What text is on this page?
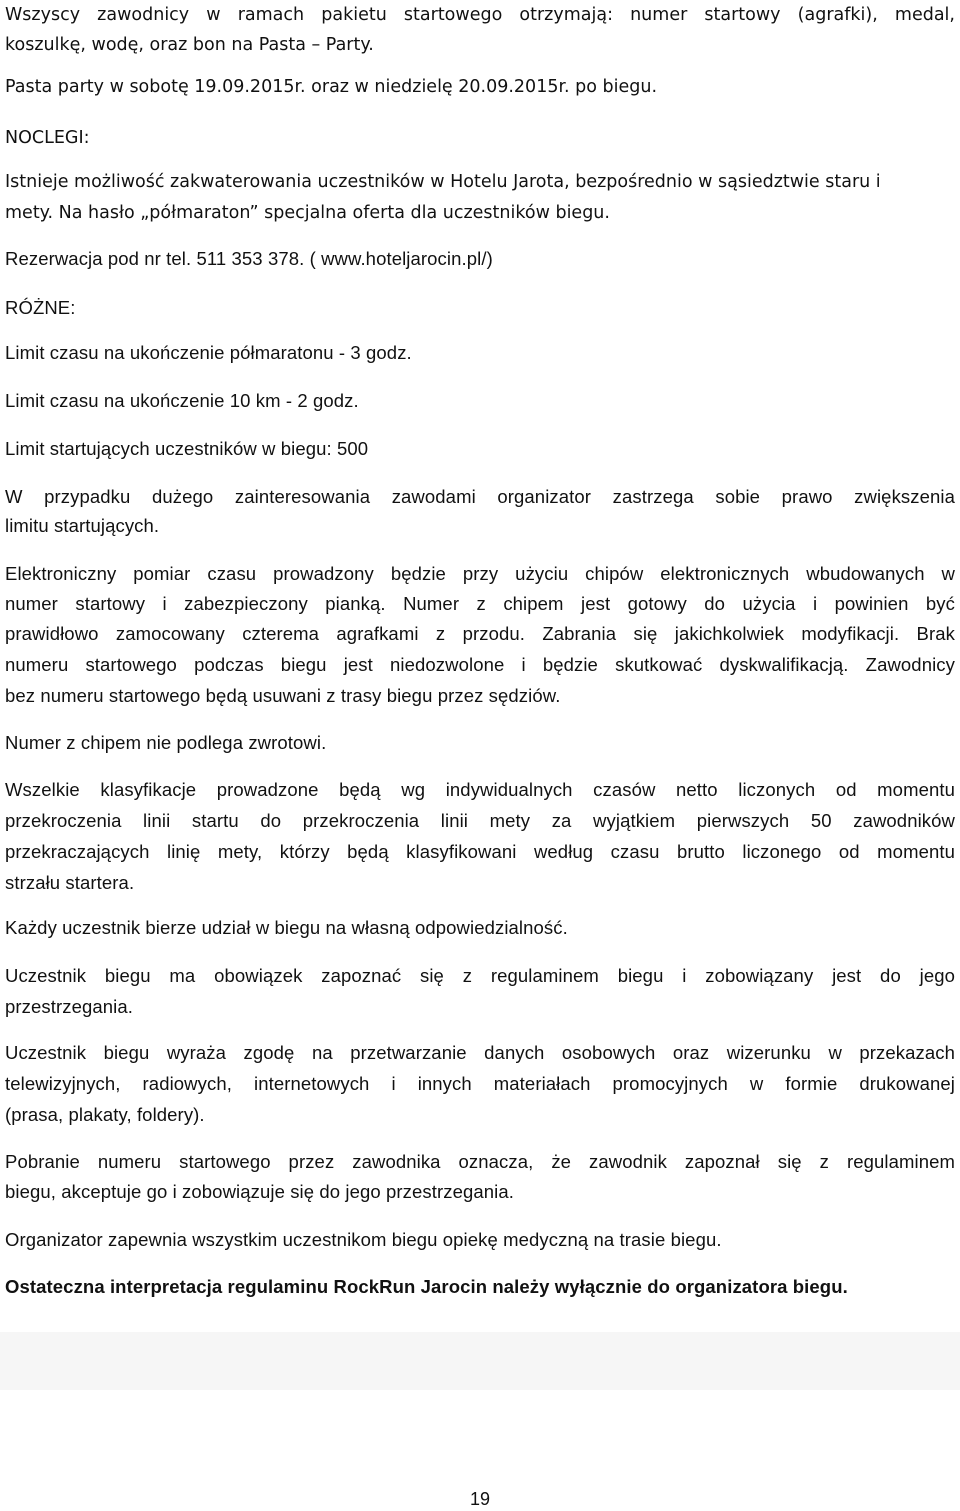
Wszyscy zawodnicy w ramach pakietu startowego otrzymają: numer startowy (agrafki), medal,
koszulkę, wodę, oraz bon na Pasta – Party.
Pasta party w sobotę 19.09.2015r. oraz w niedzielę 20.09.2015r. po biegu.
NOCLEGI:
Istnieje możliwość zakwaterowania uczestników w Hotelu Jarota, bezpośrednio w sąsiedztwie staru i
mety. Na hasło „półmaraton” specjalna oferta dla uczestników biegu.
Rezerwacja pod nr tel. 511 353 378. ( www.hoteljarocin.pl/)
RÓŻNE:
Limit czasu na ukończenie półmaratonu - 3 godz.
Limit czasu na ukończenie 10 km - 2 godz.
Limit startujących uczestników w biegu: 500
W przypadku dużego zainteresowania zawodami organizator zastrzega sobie prawo zwiększenia
limitu startujących.
Elektroniczny pomiar czasu prowadzony będzie przy użyciu chipów elektronicznych wbudowanych w
numer startowy i zabezpieczony pianką. Numer z chipem jest gotowy do użycia i powinien być
prawidłowo zamocowany czterema agrafkami z przodu. Zabrania się jakichkolwiek modyfikacji. Brak
numeru startowego podczas biegu jest niedozwolone i będzie skutkować dyskwalifikacją. Zawodnicy
bez numeru startowego będą usuwani z trasy biegu przez sędziów.
Numer z chipem nie podlega zwrotowi.
Wszelkie klasyfikacje prowadzone będą wg indywidualnych czasów netto liczonych od momentu
przekroczenia linii startu do przekroczenia linii mety za wyjątkiem pierwszych 50 zawodników
przekraczających linię mety, którzy będą klasyfikowani według czasu brutto liczonego od momentu
strzału startera.
Każdy uczestnik bierze udział w biegu na własną odpowiedzialność.
Uczestnik biegu ma obowiązek zapoznać się z regulaminem biegu i zobowiązany jest do jego
przestrzegania.
Uczestnik biegu wyraża zgodę na przetwarzanie danych osobowych oraz wizerunku w przekazach
telewizyjnych, radiowych, internetowych i innych materiałach promocyjnych w formie drukowanej
(prasa, plakaty, foldery).
Pobranie numeru startowego przez zawodnika oznacza, że zawodnik zapoznał się z regulaminem
biegu, akceptuje go i zobowiązuje się do jego przestrzegania.
Organizator zapewnia wszystkim uczestnikom biegu opiekę medyczną na trasie biegu.
Ostateczna interpretacja regulaminu RockRun Jarocin należy wyłącznie do organizatora biegu.
19
